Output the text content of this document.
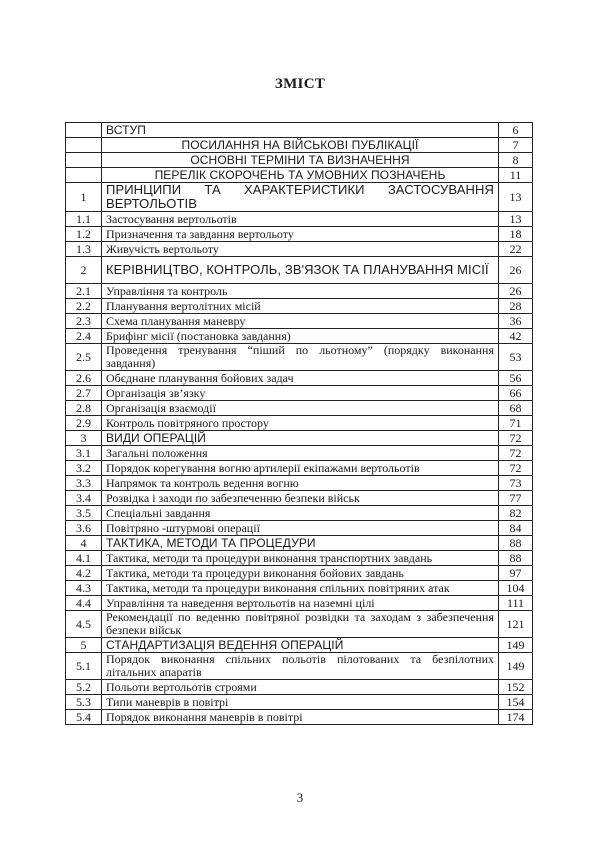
ЗМІСТ
	ВСТУП	6
	ПОСИЛАННЯ НА ВІЙСЬКОВІ ПУБЛІКАЦІЇ	7
	ОСНОВНІ ТЕРМІНИ ТА ВИЗНАЧЕННЯ	8
	ПЕРЕЛІК СКОРОЧЕНЬ ТА УМОВНИХ ПОЗНАЧЕНЬ	11
1	ПРИНЦИПИ ТА ХАРАКТЕРИСТИКИ ЗАСТОСУВАННЯ ВЕРТОЛЬОТІВ	13
1.1	Застосування вертольотів	13
1.2	Призначення та завдання вертольоту	18
1.3	Живучість вертольоту	22
2	КЕРІВНИЦТВО, КОНТРОЛЬ, ЗВ'ЯЗОК ТА ПЛАНУВАННЯ МІСІЇ	26
2.1	Управління та контроль	26
2.2	Планування вертолітних місій	28
2.3	Схема планування маневру	36
2.4	Брифінг місії (постановка завдання)	42
2.5	Проведення тренування “піший по льотному” (порядку виконання завдання)	53
2.6	Обєднане планування бойових задач	56
2.7	Організація зв’язку	66
2.8	Організація взаємодії	68
2.9	Контроль повітряного простору	71
3	ВИДИ ОПЕРАЦІЙ	72
3.1	Загальні положення	72
3.2	Порядок корегування вогню артилерії екіпажами вертольотів	72
3.3	Напрямок та контроль ведення вогню	73
3.4	Розвідка і заходи по забезпеченню безпеки військ	77
3.5	Спеціальні завдання	82
3.6	Повітряно -штурмові операції	84
4	ТАКТИКА, МЕТОДИ ТА ПРОЦЕДУРИ	88
4.1	Тактика, методи та процедури виконання транспортних завдань	88
4.2	Тактика, методи та процедури виконання бойових завдань	97
4.3	Тактика, методи та процедури виконання спільних повітряних атак	104
4.4	Управління та наведення вертольотів на наземні цілі	111
4.5	Рекомендації по веденню повітряної розвідки та заходам з забезпечення безпеки військ	121
5	СТАНДАРТИЗАЦІЯ ВЕДЕННЯ ОПЕРАЦІЙ	149
5.1	Порядок виконання спільних польотів пілотованих та безпілотних літальних апаратів	149
5.2	Польоти вертольотів строями	152
5.3	Типи маневрів в повітрі	154
5.4	Порядок виконання маневрів в повітрі	174
3
